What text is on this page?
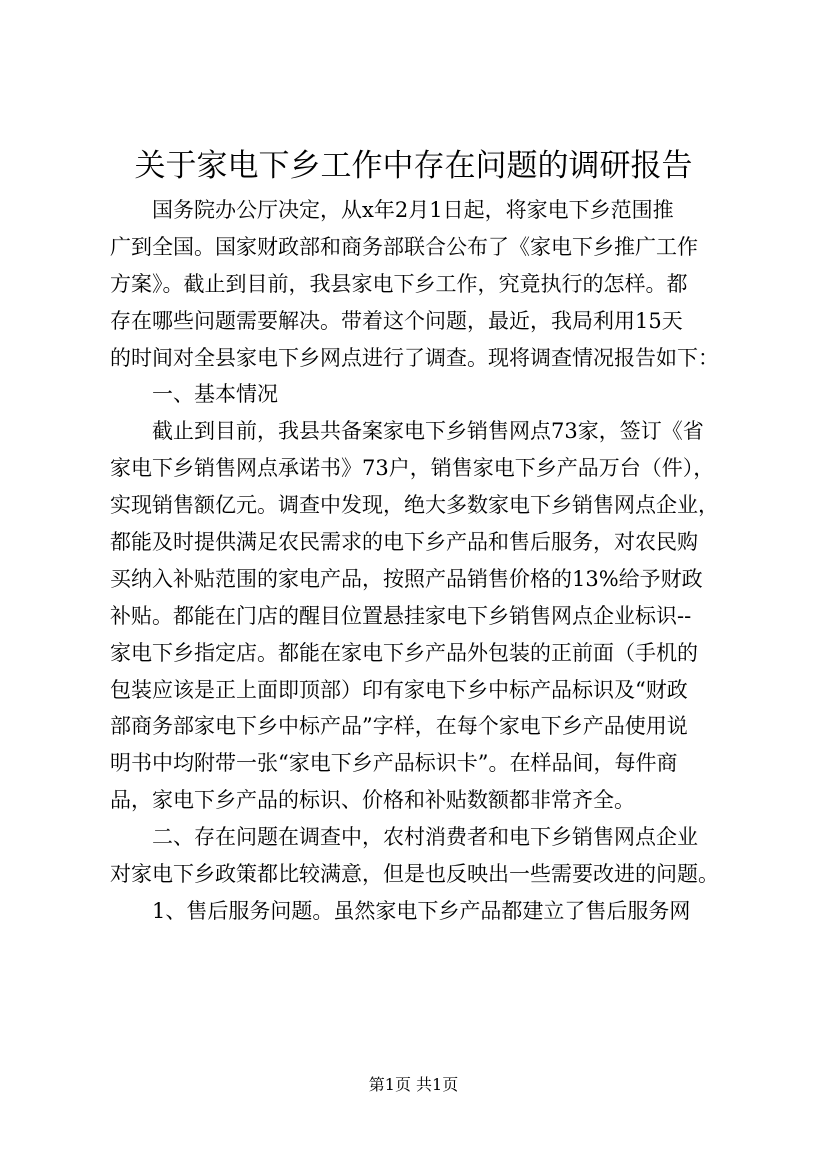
关于家电下乡工作中存在问题的调研报告
国务院办公厅决定，从x年2月1日起，将家电下乡范围推
广到全国。国家财政部和商务部联合公布了《家电下乡推广工作
方案》。截止到目前，我县家电下乡工作，究竟执行的怎样。都
存在哪些问题需要解决。带着这个问题，最近，我局利用15天
的时间对全县家电下乡网点进行了调查。现将调查情况报告如下：
一、基本情况
截止到目前，我县共备案家电下乡销售网点73家，签订《省
家电下乡销售网点承诺书》73户，销售家电下乡产品万台（件），
实现销售额亿元。调查中发现，绝大多数家电下乡销售网点企业，
都能及时提供满足农民需求的电下乡产品和售后服务，对农民购
买纳入补贴范围的家电产品，按照产品销售价格的13%给予财政
补贴。都能在门店的醒目位置悬挂家电下乡销售网点企业标识--
家电下乡指定店。都能在家电下乡产品外包装的正前面（手机的
包装应该是正上面即顶部）印有家电下乡中标产品标识及“财政
部商务部家电下乡中标产品”字样，在每个家电下乡产品使用说
明书中均附带一张“家电下乡产品标识卡”。在样品间，每件商
品，家电下乡产品的标识、价格和补贴数额都非常齐全。
二、存在问题在调查中，农村消费者和电下乡销售网点企业
对家电下乡政策都比较满意，但是也反映出一些需要改进的问题。
1、售后服务问题。虽然家电下乡产品都建立了售后服务网
第1页 共1页
